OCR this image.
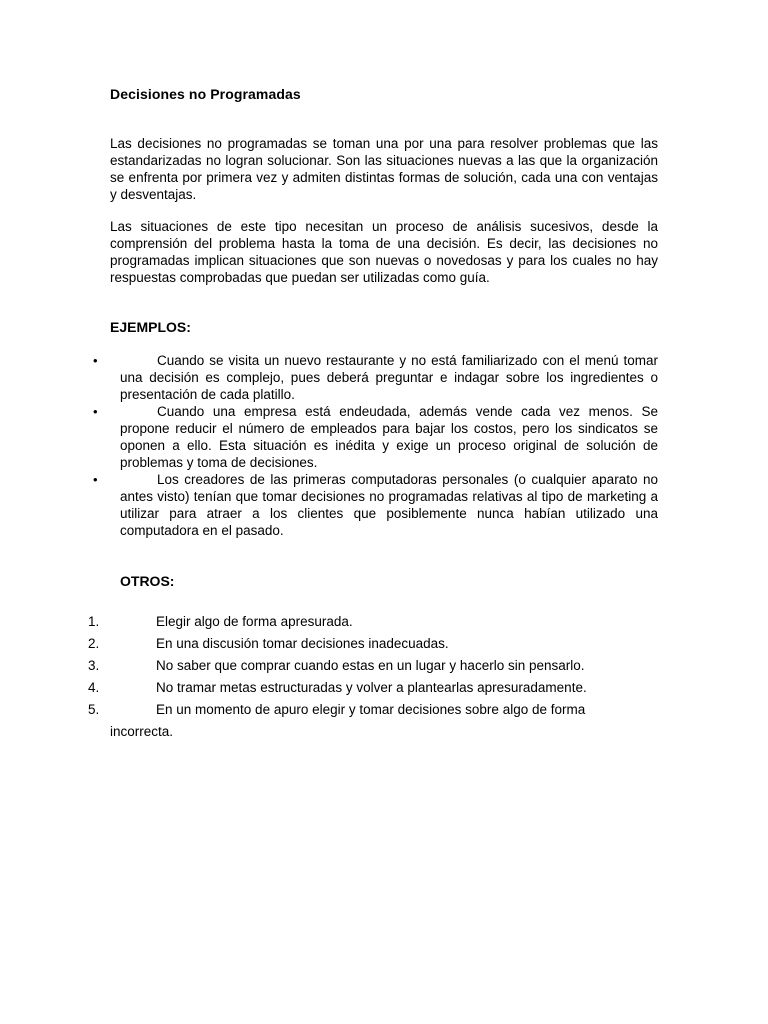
Decisiones no Programadas

Las decisiones no programadas se toman una por una para resolver problemas que las estandarizadas no logran solucionar. Son las situaciones nuevas a las que la organización se enfrenta por primera vez y admiten distintas formas de solución, cada una con ventajas y desventajas.

Las situaciones de este tipo necesitan un proceso de análisis sucesivos, desde la comprensión del problema hasta la toma de una decisión. Es decir, las decisiones no programadas implican situaciones que son nuevas o novedosas y para los cuales no hay respuestas comprobadas que puedan ser utilizadas como guía.

EJEMPLOS:
•	Cuando se visita un nuevo restaurante y no está familiarizado con el menú tomar una decisión es complejo, pues deberá preguntar e indagar sobre los ingredientes o presentación de cada platillo.
•	Cuando una empresa está endeudada, además vende cada vez menos. Se propone reducir el número de empleados para bajar los costos, pero los sindicatos se oponen a ello. Esta situación es inédita y exige un proceso original de solución de problemas y toma de decisiones.
•	Los creadores de las primeras computadoras personales (o cualquier aparato no antes visto) tenían que tomar decisiones no programadas relativas al tipo de marketing a utilizar para atraer a los clientes que posiblemente nunca habían utilizado una computadora en el pasado.
OTROS:
1.	Elegir algo de forma apresurada.
2.	En una discusión tomar decisiones inadecuadas.
3.	No saber que comprar cuando estas en un lugar y hacerlo sin pensarlo.
4.	No tramar metas estructuradas y volver a plantearlas apresuradamente.
5.	En un momento de apuro elegir y tomar decisiones sobre algo de forma
incorrecta.
